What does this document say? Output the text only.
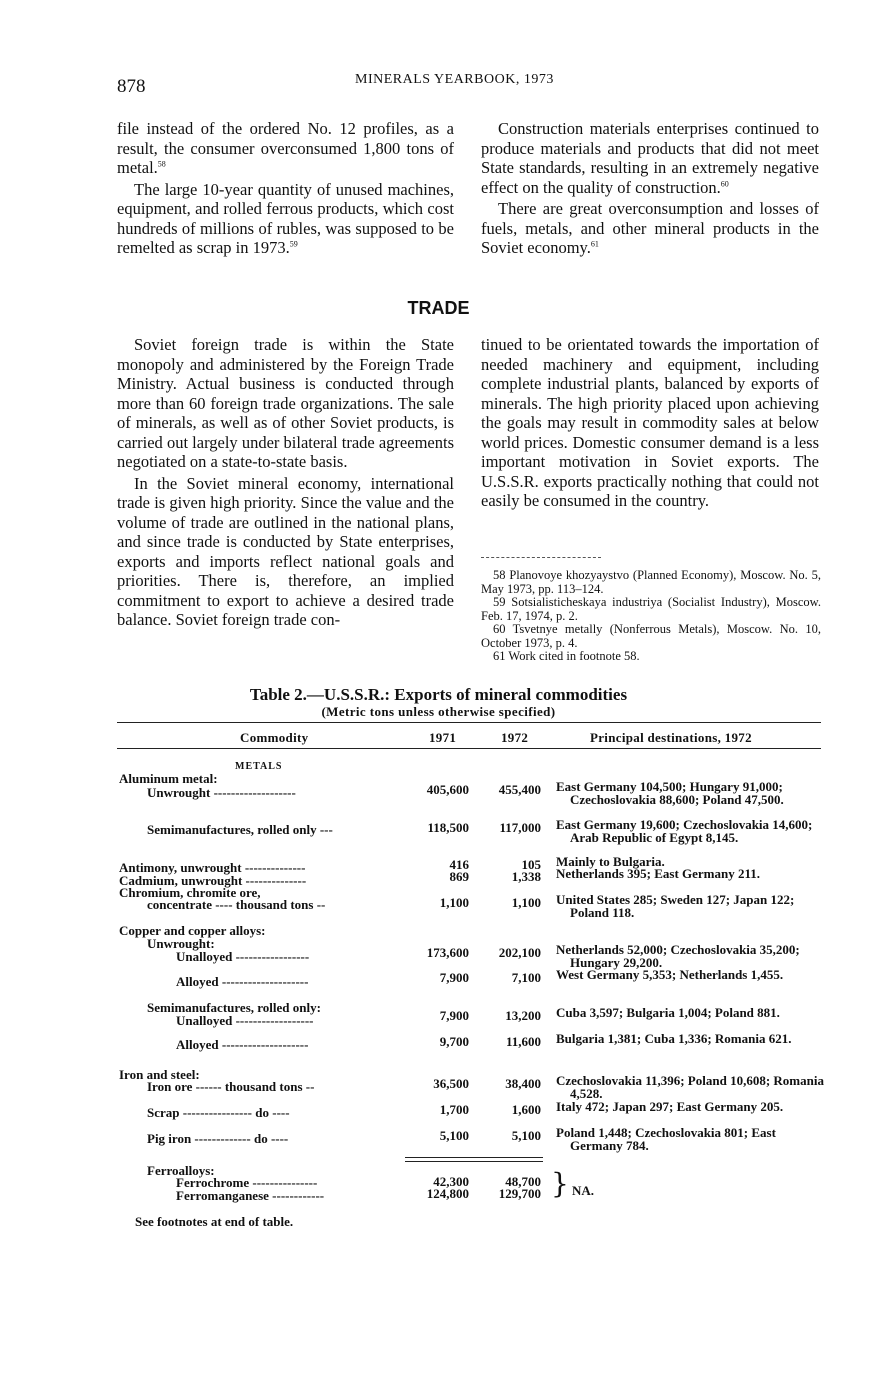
878	MINERALS YEARBOOK, 1973

file instead of the ordered No. 12 profiles, as a result, the consumer overconsumed 1,800 tons of metal.$^{58}$

The large 10-year quantity of unused machines, equipment, and rolled ferrous products, which cost hundreds of millions of rubles, was supposed to be remelted as scrap in 1973.59

Construction materials enterprises continued to produce materials and products that did not meet State standards, resulting in an extremely negative effect on the quality of construction.$^{60}$

There are great overconsumption and losses of fuels, metals, and other mineral products in the Soviet economy.$^{61}$

TRADE

Soviet foreign trade is within the State monopoly and administered by the Foreign Trade Ministry. Actual business is conducted through more than 60 foreign trade organizations. The sale of minerals, as well as of other Soviet products, is carried out largely under bilateral trade agreements negotiated on a state-to-state basis.

In the Soviet mineral economy, international trade is given high priority. Since the value and the volume of trade are outlined in the national plans, and since trade is conducted by State enterprises, exports and imports reflect national goals and priorities. There is, therefore, an implied commitment to export to achieve a desired trade balance. Soviet foreign trade con-

tinued to be orientated towards the importation of needed machinery and equipment, including complete industrial plants, balanced by exports of minerals. The high priority placed upon achieving the goals may result in commodity sales at below world prices. Domestic consumer demand is a less important motivation in Soviet exports. The U.S.S.R. exports practically nothing that could not easily be consumed in the country.

58 Planovoye khozyaystvo (Planned Economy), Moscow. No. 5, May 1973, pp. 113–124.

59 Sotsialisticheskaya industriya (Socialist Industry), Moscow. Feb. 17, 1974, p. 2.

60 Tsvetnye metally (Nonferrous Metals), Moscow. No. 10, October 1973, p. 4.

61 Work cited in footnote 58.

Table 2.—U.S.S.R.: Exports of mineral commodities
(Metric tons unless otherwise specified)
Commodity	1971	1972	Principal destinations, 1972
METALS
Aluminum metal:
Unwrought -------------------	405,600	455,400 East Germany 104,500; Hungary 91,000; Czechoslovakia 88,600; Poland 47,500.
Semimanufactures, rolled only ---	118,500	117,000 East Germany 19,600; Czechoslovakia 14,600; Arab Republic of Egypt 8,145.
Antimony, unwrought --------------	416	105 Mainly to Bulgaria.
Cadmium, unwrought --------------	869	1,338 Netherlands 395; East Germany 211.
Chromium, chromite ore,
concentrate ---- thousand tons --	1,100	1,100 United States 285; Sweden 127; Japan 122; Poland 118.
Copper and copper alloys:
Unwrought:
Unalloyed -----------------	173,600	202,100 Netherlands 52,000; Czechoslovakia 35,200; Hungary 29,200.
Alloyed --------------------	7,900	7,100 West Germany 5,353; Netherlands 1,455.
Semimanufactures, rolled only:
Unalloyed ------------------	7,900	13,200 Cuba 3,597; Bulgaria 1,004; Poland 881.
Alloyed --------------------	9,700	11,600 Bulgaria 1,381; Cuba 1,336; Romania 621.
Iron and steel:
Iron ore ------ thousand tons --	36,500	38,400 Czechoslovakia 11,396; Poland 10,608; Romania 4,528.
Scrap ---------------- do ----	1,700	1,600 Italy 472; Japan 297; East Germany 205.
Pig iron ------------- do ----	5,100	5,100 Poland 1,448; Czechoslovakia 801; East Germany 784.
Ferroalloys:
Ferrochrome ---------------	42,300	48,700
Ferromanganese ------------	124,800	129,700 } NA.
See footnotes at end of table.
